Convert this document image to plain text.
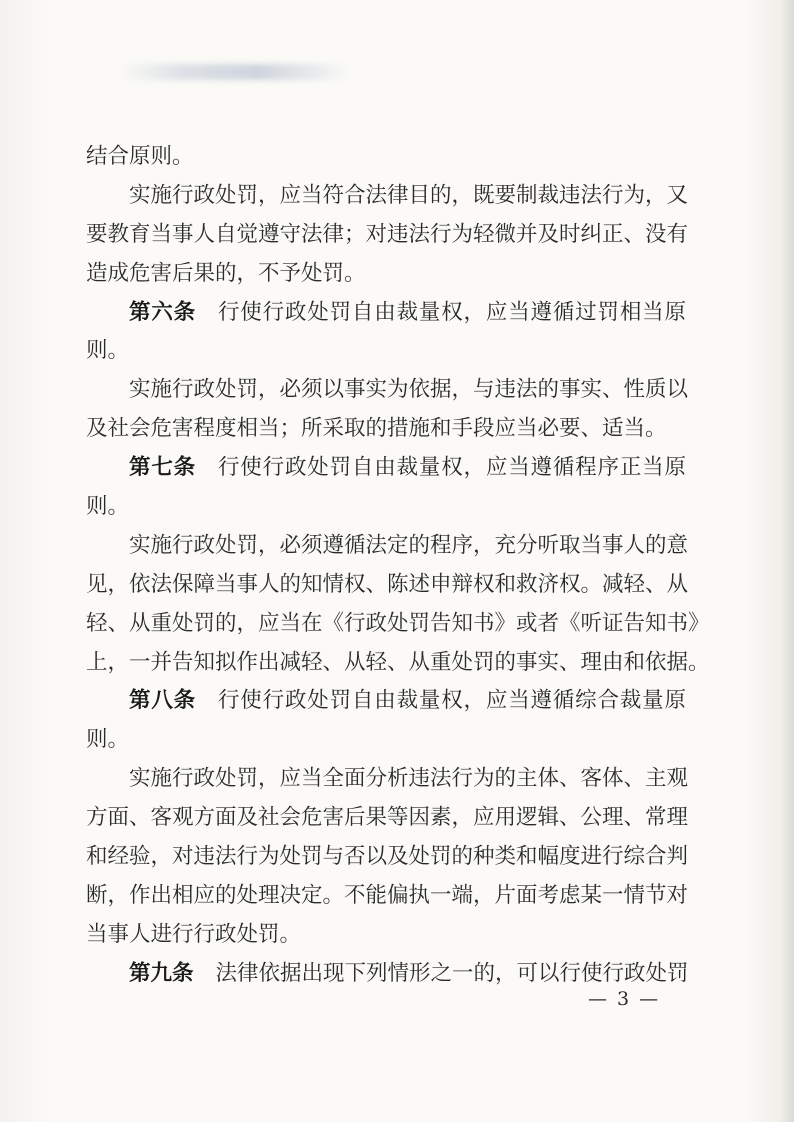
结合原则。
实施行政处罚，应当符合法律目的，既要制裁违法行为，又
要教育当事人自觉遵守法律；对违法行为轻微并及时纠正、没有
造成危害后果的，不予处罚。
第六条 行使行政处罚自由裁量权，应当遵循过罚相当原
则。
实施行政处罚，必须以事实为依据，与违法的事实、性质以
及社会危害程度相当；所采取的措施和手段应当必要、适当。
第七条 行使行政处罚自由裁量权，应当遵循程序正当原
则。
实施行政处罚，必须遵循法定的程序，充分听取当事人的意
见，依法保障当事人的知情权、陈述申辩权和救济权。减轻、从
轻、从重处罚的，应当在《行政处罚告知书》或者《听证告知书》
上，一并告知拟作出减轻、从轻、从重处罚的事实、理由和依据。
第八条 行使行政处罚自由裁量权，应当遵循综合裁量原
则。
实施行政处罚，应当全面分析违法行为的主体、客体、主观
方面、客观方面及社会危害后果等因素，应用逻辑、公理、常理
和经验，对违法行为处罚与否以及处罚的种类和幅度进行综合判
断，作出相应的处理决定。不能偏执一端，片面考虑某一情节对
当事人进行行政处罚。
第九条 法律依据出现下列情形之一的，可以行使行政处罚
— 3 —
